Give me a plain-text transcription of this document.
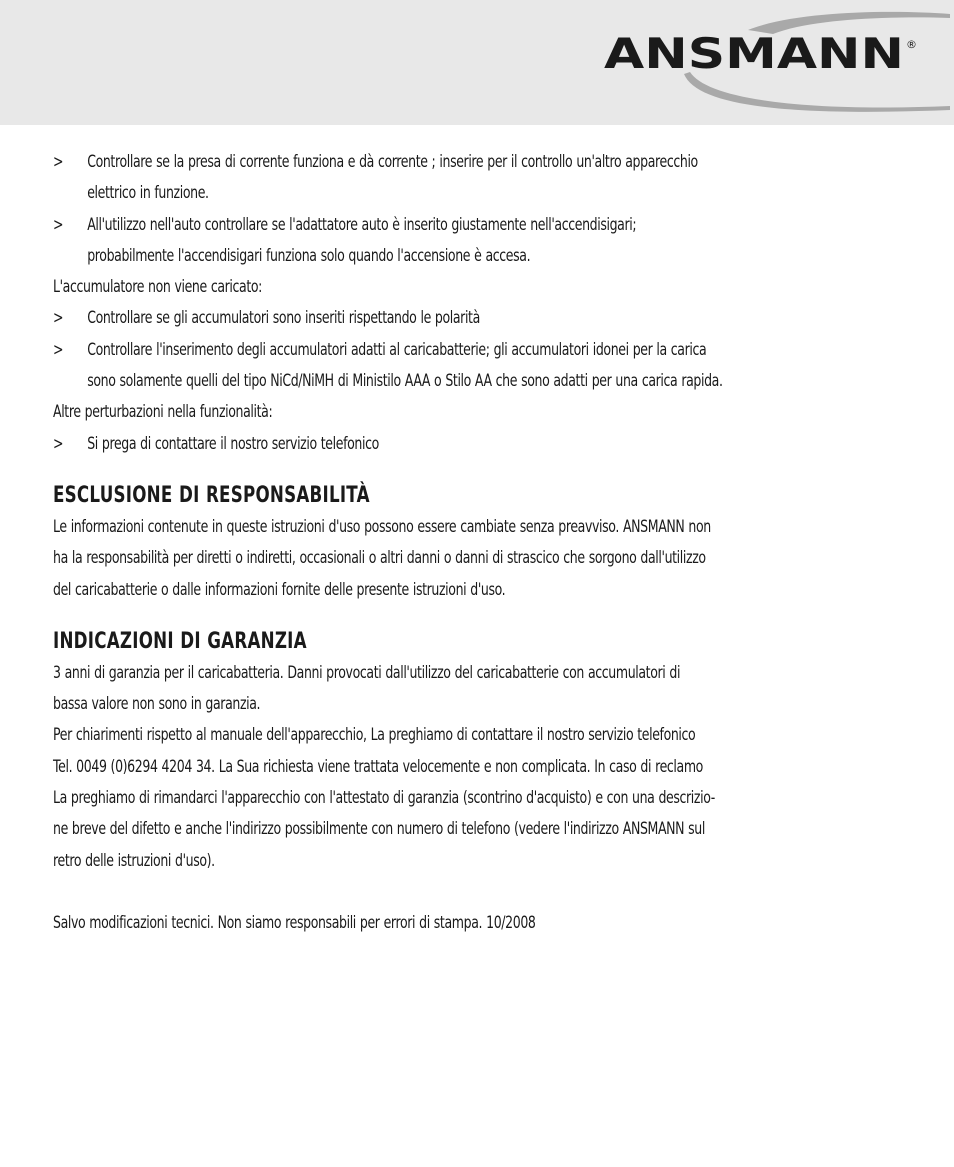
ANSMANN ®
> Controllare se la presa di corrente funziona e dà corrente ; inserire per il controllo un'altro apparecchio
elettrico in funzione.
> All'utilizzo nell'auto controllare se l'adattatore auto è inserito giustamente nell'accendisigari;
probabilmente l'accendisigari funziona solo quando l'accensione è accesa.
L'accumulatore non viene caricato:
> Controllare se gli accumulatori sono inseriti rispettando le polarità
> Controllare l'inserimento degli accumulatori adatti al caricabatterie; gli accumulatori idonei per la carica
sono solamente quelli del tipo NiCd/NiMH di Ministilo AAA o Stilo AA che sono adatti per una carica rapida.
Altre perturbazioni nella funzionalità:
> Si prega di contattare il nostro servizio telefonico
ESCLUSIONE DI RESPONSABILITÀ
Le informazioni contenute in queste istruzioni d'uso possono essere cambiate senza preavviso. ANSMANN non
ha la responsabilità per diretti o indiretti, occasionali o altri danni o danni di strascico che sorgono dall'utilizzo
del caricabatterie o dalle informazioni fornite delle presente istruzioni d'uso.
INDICAZIONI DI GARANZIA
3 anni di garanzia per il caricabatteria. Danni provocati dall'utilizzo del caricabatterie con accumulatori di
bassa valore non sono in garanzia.
Per chiarimenti rispetto al manuale dell'apparecchio, La preghiamo di contattare il nostro servizio telefonico
Tel. 0049 (0)6294 4204 34. La Sua richiesta viene trattata velocemente e non complicata. In caso di reclamo
La preghiamo di rimandarci l'apparecchio con l'attestato di garanzia (scontrino d'acquisto) e con una descrizio-
ne breve del difetto e anche l'indirizzo possibilmente con numero di telefono (vedere l'indirizzo ANSMANN sul
retro delle istruzioni d'uso).
Salvo modificazioni tecnici. Non siamo responsabili per errori di stampa. 10/2008
